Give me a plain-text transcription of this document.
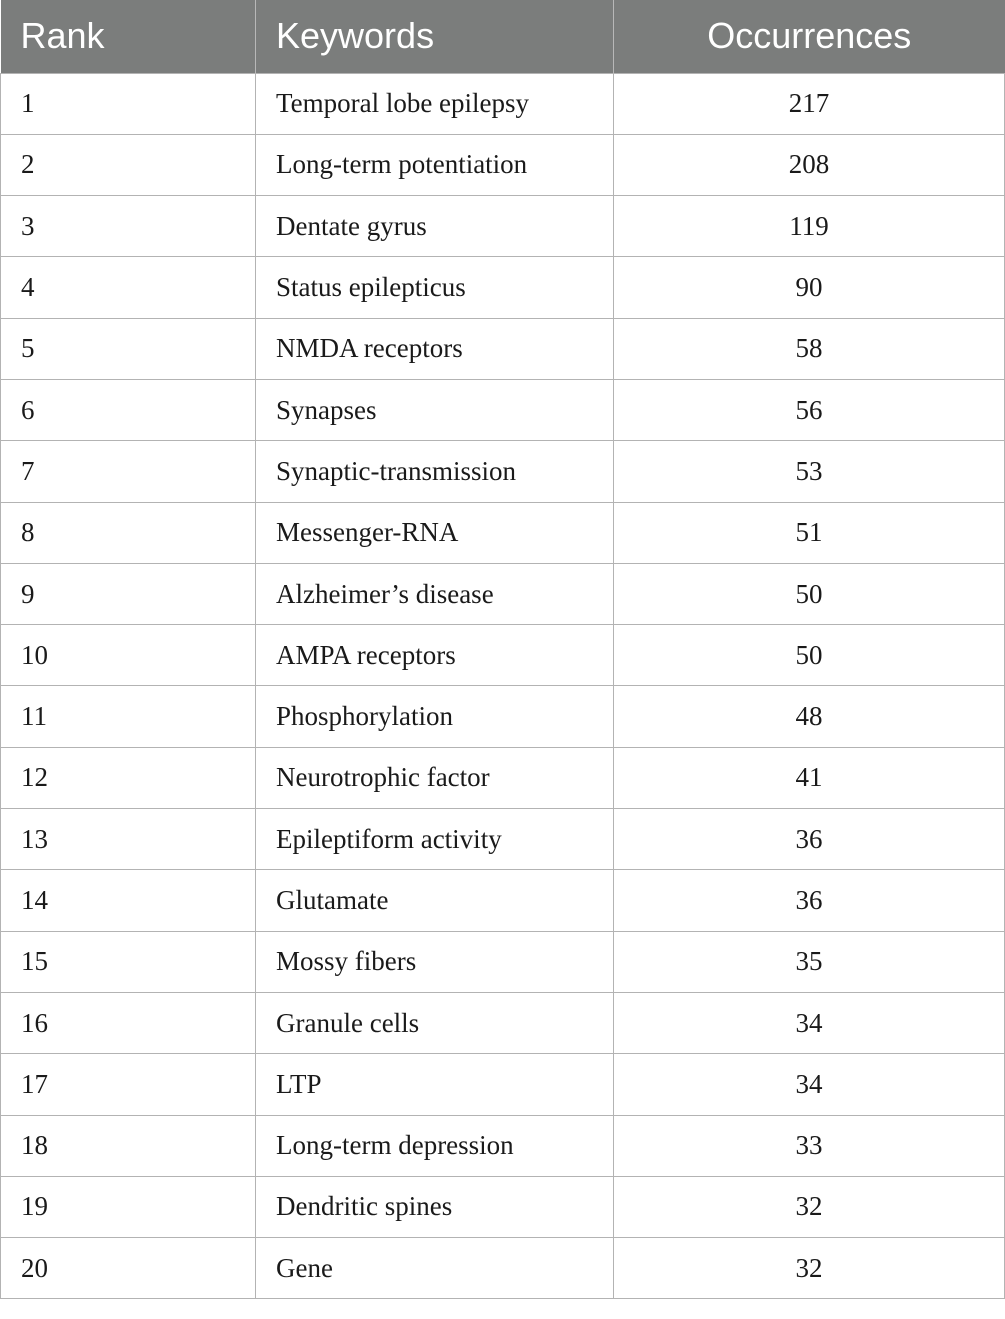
Rank	Keywords	Occurrences
1	Temporal lobe epilepsy	217
2	Long-term potentiation	208
3	Dentate gyrus	119
4	Status epilepticus	90
5	NMDA receptors	58
6	Synapses	56
7	Synaptic-transmission	53
8	Messenger-RNA	51
9	Alzheimer’s disease	50
10	AMPA receptors	50
11	Phosphorylation	48
12	Neurotrophic factor	41
13	Epileptiform activity	36
14	Glutamate	36
15	Mossy fibers	35
16	Granule cells	34
17	LTP	34
18	Long-term depression	33
19	Dendritic spines	32
20	Gene	32
